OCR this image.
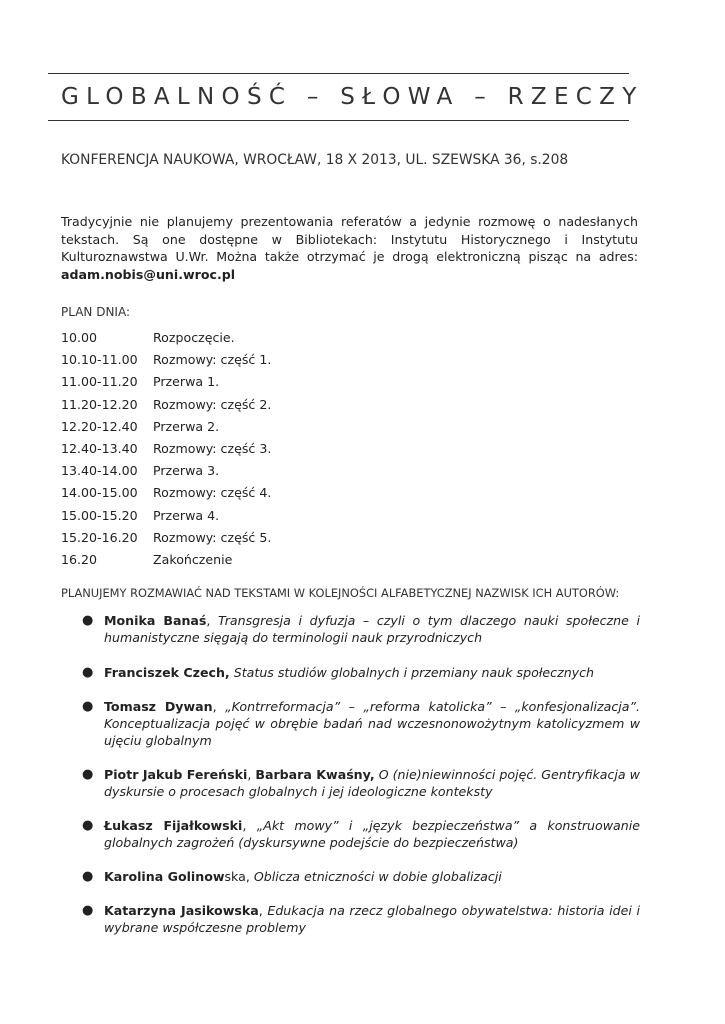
GLOBALNOŚĆ – SŁOWA – RZECZY
KONFERENCJA NAUKOWA, WROCŁAW, 18 X 2013, UL. SZEWSKA 36, s.208
Tradycyjnie nie planujemy prezentowania referatów a jedynie rozmowę o nadesłanych tekstach. Są one dostępne w Bibliotekach: Instytutu Historycznego i Instytutu Kulturoznawstwa U.Wr. Można także otrzymać je drogą elektroniczną pisząc na adres: adam.nobis@uni.wroc.pl
PLAN DNIA:
10.00	Rozpoczęcie.
10.10-11.00 Rozmowy: część 1.
11.00-11.20 Przerwa 1.
11.20-12.20 Rozmowy: część 2.
12.20-12.40 Przerwa 2.
12.40-13.40 Rozmowy: część 3.
13.40-14.00 Przerwa 3.
14.00-15.00 Rozmowy: część 4.
15.00-15.20 Przerwa 4.
15.20-16.20 Rozmowy: część 5.
16.20	Zakończenie
PLANUJEMY ROZMAWIAĆ NAD TEKSTAMI W KOLEJNOŚCI ALFABETYCZNEJ NAZWISK ICH AUTORÓW:
● Monika Banaś, Transgresja i dyfuzja – czyli o tym dlaczego nauki społeczne i humanistyczne sięgają do terminologii nauk przyrodniczych
● Franciszek Czech, Status studiów globalnych i przemiany nauk społecznych
● Tomasz Dywan, „Kontrreformacja” – „reforma katolicka” – „konfesjonalizacja”. Konceptualizacja pojęć w obrębie badań nad wczesnonowożytnym katolicyzmem w ujęciu globalnym
● Piotr Jakub Fereński, Barbara Kwaśny, O (nie)niewinności pojęć. Gentryfikacja w dyskursie o procesach globalnych i jej ideologiczne konteksty
● Łukasz Fijałkowski, „Akt mowy” i „język bezpieczeństwa” a konstruowanie globalnych zagrożeń (dyskursywne podejście do bezpieczeństwa)
● Karolina Golinowska, Oblicza etniczności w dobie globalizacji
● Katarzyna Jasikowska, Edukacja na rzecz globalnego obywatelstwa: historia idei i wybrane współczesne problemy
